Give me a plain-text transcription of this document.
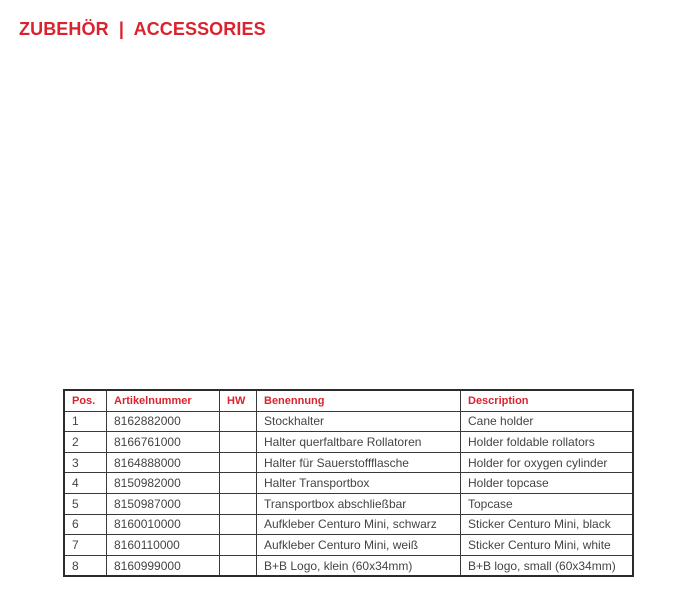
ZUBEHÖR  |  ACCESSORIES
Pos.	Artikelnummer	HW	Benennung	Description
1	8162882000		Stockhalter	Cane holder
2	8166761000		Halter querfaltbare Rollatoren	Holder foldable rollators
3	8164888000		Halter für Sauerstoffflasche	Holder for oxygen cylinder
4	8150982000		Halter Transportbox	Holder topcase
5	8150987000		Transportbox abschließbar	Topcase
6	8160010000		Aufkleber Centuro Mini, schwarz	Sticker Centuro Mini, black
7	8160110000		Aufkleber Centuro Mini, weiß	Sticker Centuro Mini, white
8	8160999000		B+B Logo, klein (60x34mm)	B+B logo, small (60x34mm)
